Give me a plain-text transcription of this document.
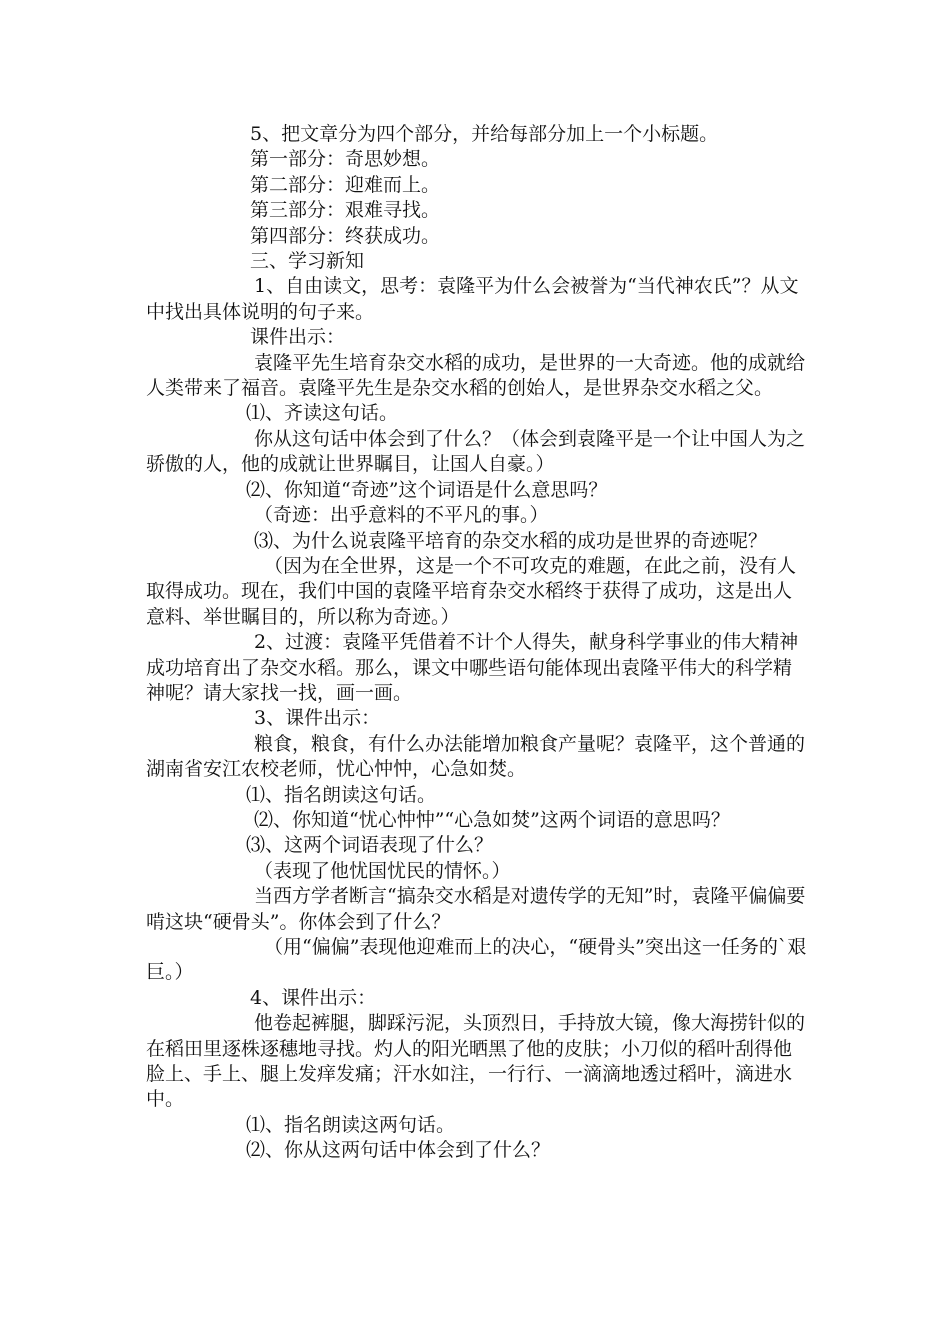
5、把文章分为四个部分，并给每部分加上一个小标题。

第一部分：奇思妙想。

第二部分：迎难而上。

第三部分：艰难寻找。

第四部分：终获成功。

三、学习新知

1、自由读文，思考：袁隆平为什么会被誉为“当代神农氏”？从文中找出具体说明的句子来。

课件出示：

袁隆平先生培育杂交水稻的成功，是世界的一大奇迹。他的成就给人类带来了福音。袁隆平先生是杂交水稻的创始人，是世界杂交水稻之父。

⑴、齐读这句话。

你从这句话中体会到了什么？（体会到袁隆平是一个让中国人为之骄傲的人，他的成就让世界瞩目，让国人自豪。）

⑵、你知道“奇迹”这个词语是什么意思吗？

（奇迹：出乎意料的不平凡的事。）

⑶、为什么说袁隆平培育的杂交水稻的成功是世界的奇迹呢？

（因为在全世界，这是一个不可攻克的难题，在此之前，没有人取得成功。现在，我们中国的袁隆平培育杂交水稻终于获得了成功，这是出人意料、举世瞩目的，所以称为奇迹。）

2、过渡：袁隆平凭借着不计个人得失，献身科学事业的伟大精神成功培育出了杂交水稻。那么，课文中哪些语句能体现出袁隆平伟大的科学精神呢？请大家找一找，画一画。

3、课件出示：

粮食，粮食，有什么办法能增加粮食产量呢？袁隆平，这个普通的湖南省安江农校老师，忧心忡忡，心急如焚。

⑴、指名朗读这句话。

⑵、你知道“忧心忡忡”“心急如焚”这两个词语的意思吗？

⑶、这两个词语表现了什么？

（表现了他忧国忧民的情怀。）

当西方学者断言“搞杂交水稻是对遗传学的无知”时，袁隆平偏偏要啃这块“硬骨头”。你体会到了什么？

（用“偏偏”表现他迎难而上的决心，“硬骨头”突出这一任务的`艰巨。）

4、课件出示：

他卷起裤腿，脚踩污泥，头顶烈日，手持放大镜，像大海捞针似的在稻田里逐株逐穗地寻找。灼人的阳光晒黑了他的皮肤；小刀似的稻叶刮得他脸上、手上、腿上发痒发痛；汗水如注，一行行、一滴滴地透过稻叶，滴进水中。

⑴、指名朗读这两句话。

⑵、你从这两句话中体会到了什么？
